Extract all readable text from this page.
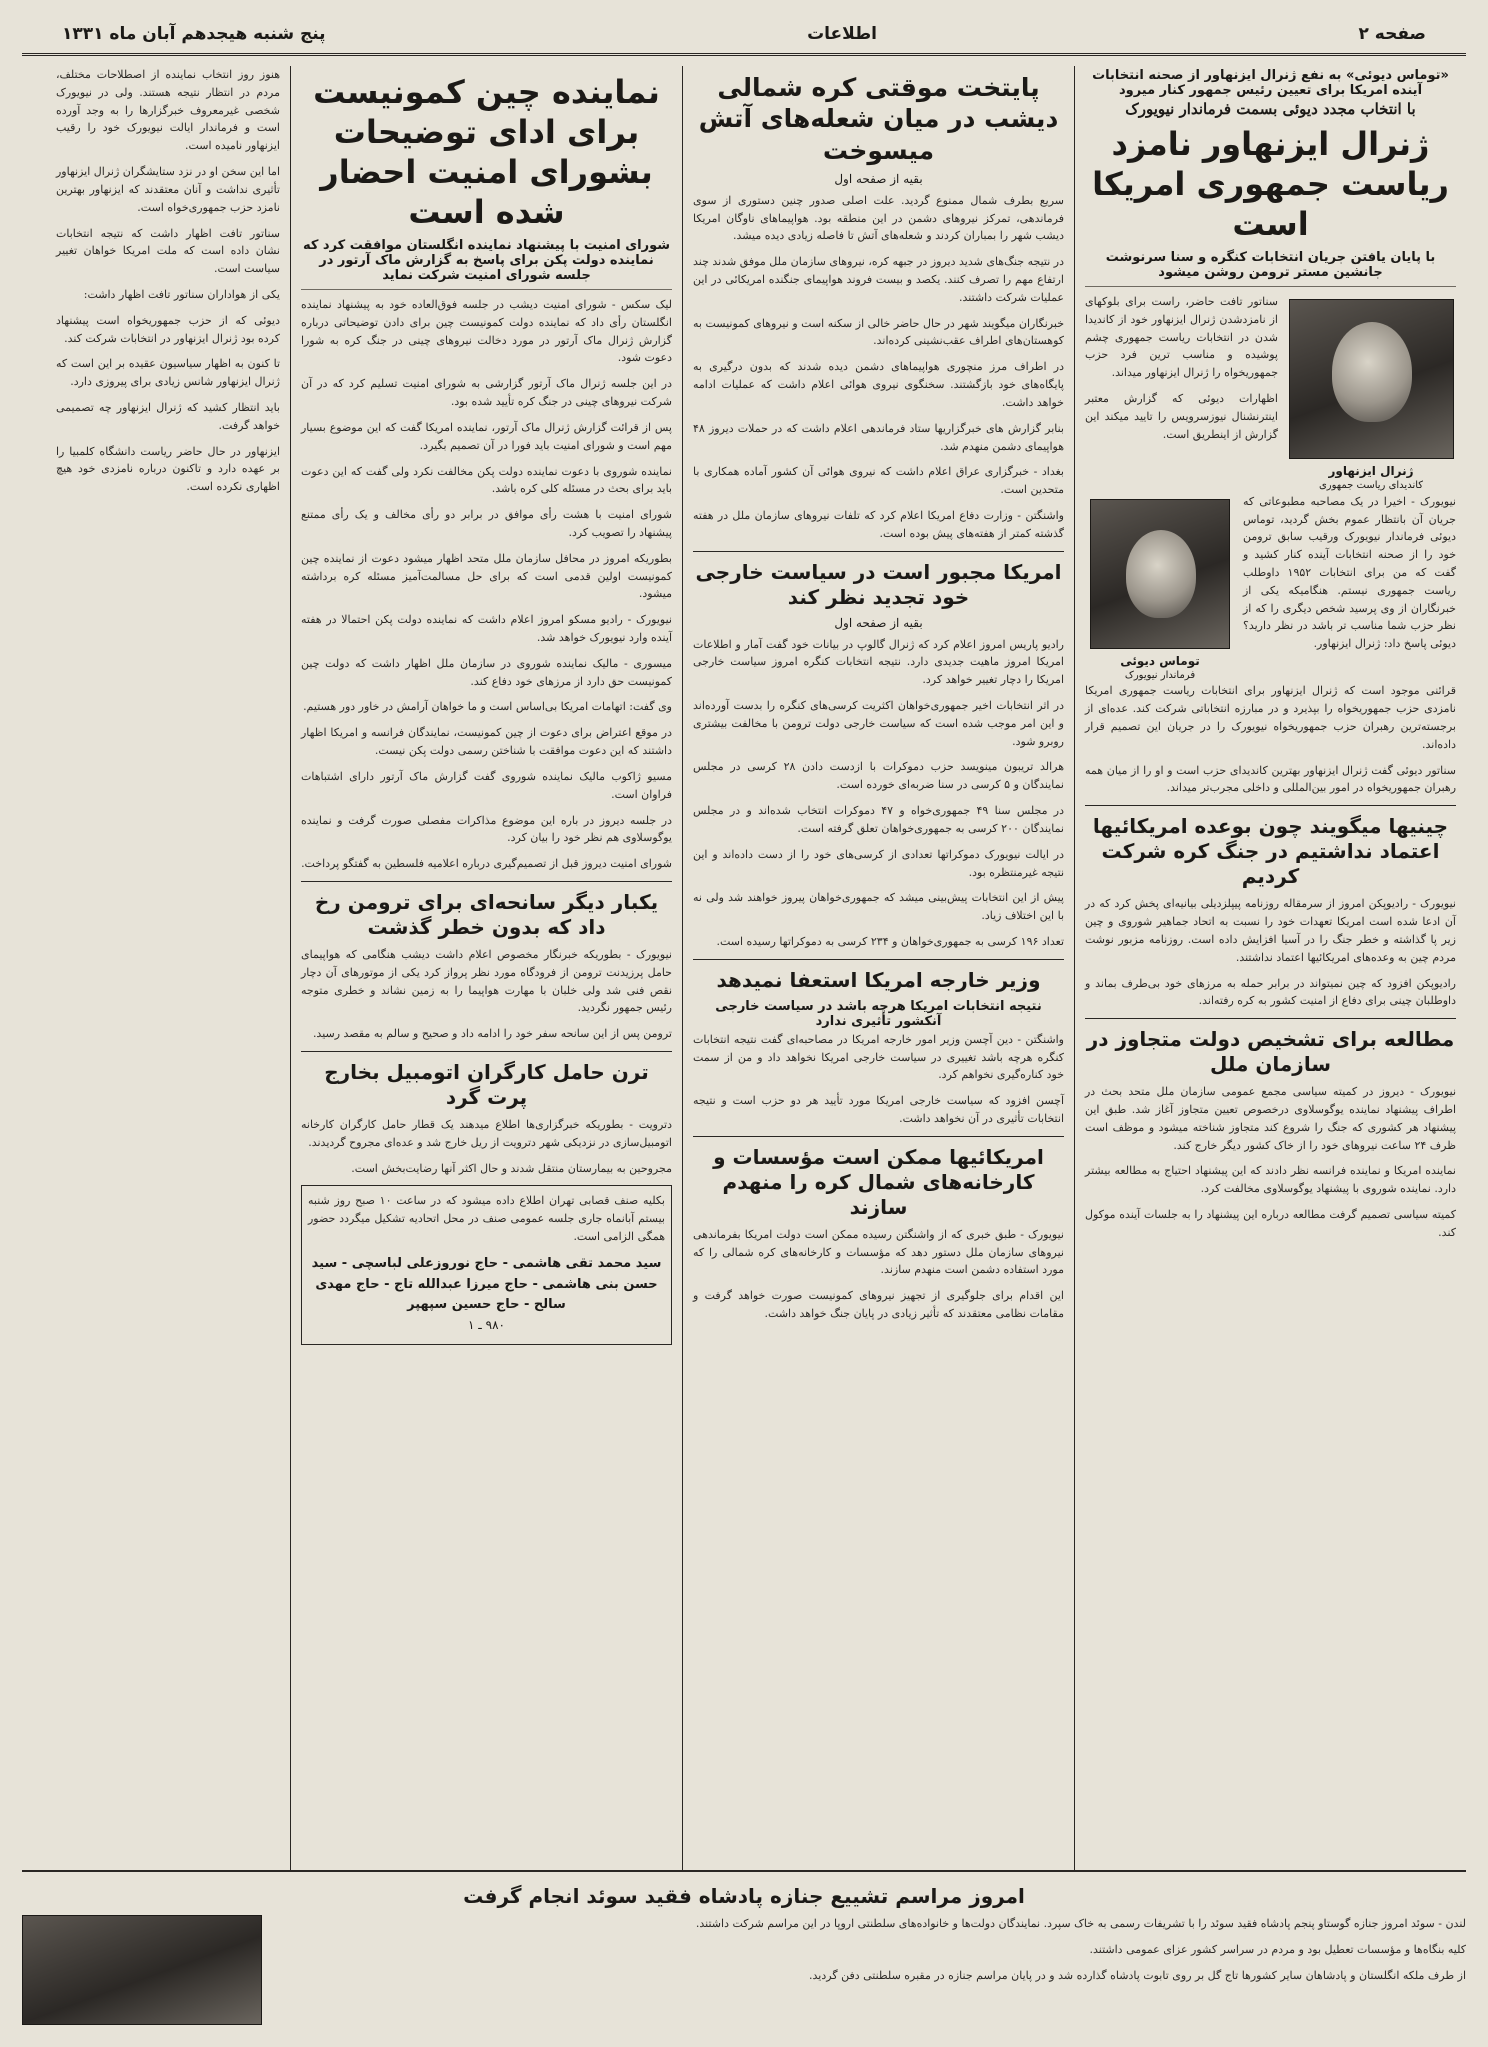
صفحه ۲
اطلاعات
پنج شنبه هیجدهم آبان ماه ۱۳۳۱
«توماس دیوئی» به نفع ژنرال ایزنهاور از صحنه انتخابات آینده امریکا برای تعیین رئیس جمهور کنار میرود
با انتخاب مجدد دیوئی بسمت فرماندار نیویورک
ژنرال ایزنهاور نامزد ریاست جمهوری امریکا است
با پایان یافتن جریان انتخابات کنگره و سنا سرنوشت جانشین مستر ترومن روشن میشود
ژنرال ایزنهاور
کاندیدای ریاست جمهوری

سناتور تافت حاضر، راست برای بلوکهای از نامزدشدن ژنرال ایزنهاور خود از کاندیدا شدن در انتخابات ریاست جمهوری چشم پوشیده و مناسب ترین فرد حزب جمهوریخواه را ژنرال ایزنهاور میداند.

اظهارات دیوئی که گزارش معتبر اینترنشنال نیوزسرویس را تایید میکند این گزارش از اینطریق است.

نیویورک - اخیرا در یک مصاحبه مطبوعاتی که جریان آن بانتظار عموم بخش گردید، توماس دیوئی فرماندار نیویورک ورقیب سابق ترومن خود را از صحنه انتخابات آینده کنار کشید و گفت که من برای انتخابات ۱۹۵۲ داوطلب ریاست جمهوری نیستم. هنگامیکه یکی از خبرنگاران از وی پرسید شخص دیگری را که از نظر حزب شما مناسب تر باشد در نظر دارید؟ دیوئی پاسخ داد: ژنرال ایزنهاور.

توماس دیوئی
فرماندار نیویورک

قرائنی موجود است که ژنرال ایزنهاور برای انتخابات ریاست جمهوری امریکا نامزدی حزب جمهوریخواه را بپذیرد و در مبارزه انتخاباتی شرکت کند. عده‌ای از برجسته‌ترین رهبران حزب جمهوریخواه نیویورک را در جریان این تصمیم قرار داده‌اند.

سناتور دیوئی گفت ژنرال ایزنهاور بهترین کاندیدای حزب است و او را از میان همه رهبران جمهوریخواه در امور بین‌المللی و داخلی مجرب‌تر میداند.

چینیها میگویند چون بوعده امریکائیها اعتماد نداشتیم در جنگ کره شرکت کردیم

نیویورک - رادیوپکن امروز از سرمقاله روزنامه پیپلزدیلی بیانیه‌ای پخش کرد که در آن ادعا شده است امریکا تعهدات خود را نسبت به اتحاد جماهیر شوروی و چین زیر پا گذاشته و خطر جنگ را در آسیا افزایش داده است. روزنامه مزبور نوشت مردم چین به وعده‌های امریکائیها اعتماد نداشتند.

رادیوپکن افزود که چین نمیتواند در برابر حمله به مرزهای خود بی‌طرف بماند و داوطلبان چینی برای دفاع از امنیت کشور به کره رفته‌اند.

مطالعه برای تشخیص دولت متجاوز در سازمان ملل

نیویورک - دیروز در کمیته سیاسی مجمع عمومی سازمان ملل متحد بحث در اطراف پیشنهاد نماینده یوگوسلاوی درخصوص تعیین متجاوز آغاز شد. طبق این پیشنهاد هر کشوری که جنگ را شروع کند متجاوز شناخته میشود و موظف است ظرف ۲۴ ساعت نیروهای خود را از خاک کشور دیگر خارج کند.

نماینده امریکا و نماینده فرانسه نظر دادند که این پیشنهاد احتیاج به مطالعه بیشتر دارد. نماینده شوروی با پیشنهاد یوگوسلاوی مخالفت کرد.

کمیته سیاسی تصمیم گرفت مطالعه درباره این پیشنهاد را به جلسات آینده موکول کند.

پایتخت موقتی کره شمالی دیشب در میان شعله‌های آتش میسوخت
بقیه از صفحه اول

سریع بطرف شمال ممنوع گردید. علت اصلی صدور چنین دستوری از سوی فرماندهی، تمرکز نیروهای دشمن در این منطقه بود. هواپیماهای ناوگان امریکا دیشب شهر را بمباران کردند و شعله‌های آتش تا فاصله زیادی دیده میشد.

در نتیجه جنگ‌های شدید دیروز در جبهه کره، نیروهای سازمان ملل موفق شدند چند ارتفاع مهم را تصرف کنند. یکصد و بیست فروند هواپیمای جنگنده امریکائی در این عملیات شرکت داشتند.

خبرنگاران میگویند شهر در حال حاضر خالی از سکنه است و نیروهای کمونیست به کوهستان‌های اطراف عقب‌نشینی کرده‌اند.

در اطراف مرز منچوری هواپیماهای دشمن دیده شدند که بدون درگیری به پایگاه‌های خود بازگشتند. سخنگوی نیروی هوائی اعلام داشت که عملیات ادامه خواهد داشت.

بنابر گزارش های خبرگزاریها ستاد فرماندهی اعلام داشت که در حملات دیروز ۴۸ هواپیمای دشمن منهدم شد.

بغداد - خبرگزاری عراق اعلام داشت که نیروی هوائی آن کشور آماده همکاری با متحدین است.

واشنگتن - وزارت دفاع امریکا اعلام کرد که تلفات نیروهای سازمان ملل در هفته گذشته کمتر از هفته‌های پیش بوده است.

امریکا مجبور است در سیاست خارجی خود تجدید نظر کند
بقیه از صفحه اول

رادیو پاریس امروز اعلام کرد که ژنرال گالوپ در بیانات خود گفت آمار و اطلاعات امریکا امروز ماهیت جدیدی دارد. نتیجه انتخابات کنگره امروز سیاست خارجی امریکا را دچار تغییر خواهد کرد.

در اثر انتخابات اخیر جمهوری‌خواهان اکثریت کرسی‌های کنگره را بدست آورده‌اند و این امر موجب شده است که سیاست خارجی دولت ترومن با مخالفت بیشتری روبرو شود.

هرالد تریبون مینویسد حزب دموکرات با ازدست دادن ۲۸ کرسی در مجلس نمایندگان و ۵ کرسی در سنا ضربه‌ای خورده است.

در مجلس سنا ۴۹ جمهوری‌خواه و ۴۷ دموکرات انتخاب شده‌اند و در مجلس نمایندگان ۲۰۰ کرسی به جمهوری‌خواهان تعلق گرفته است.

در ایالت نیویورک دموکراتها تعدادی از کرسی‌های خود را از دست داده‌اند و این نتیجه غیرمنتظره بود.

پیش از این انتخابات پیش‌بینی میشد که جمهوری‌خواهان پیروز خواهند شد ولی نه با این اختلاف زیاد.

تعداد ۱۹۶ کرسی به جمهوری‌خواهان و ۲۳۴ کرسی به دموکراتها رسیده است.

وزیر خارجه امریکا استعفا نمیدهد
نتیجه انتخابات امریکا هرچه باشد در سیاست خارجی آنکشور تأثیری ندارد

واشنگتن - دین آچسن وزیر امور خارجه امریکا در مصاحبه‌ای گفت نتیجه انتخابات کنگره هرچه باشد تغییری در سیاست خارجی امریکا نخواهد داد و من از سمت خود کناره‌گیری نخواهم کرد.

آچسن افزود که سیاست خارجی امریکا مورد تأیید هر دو حزب است و نتیجه انتخابات تأثیری در آن نخواهد داشت.

امریکائیها ممکن است مؤسسات و کارخانه‌های شمال کره را منهدم سازند

نیویورک - طبق خبری که از واشنگتن رسیده ممکن است دولت امریکا بفرماندهی نیروهای سازمان ملل دستور دهد که مؤسسات و کارخانه‌های کره شمالی را که مورد استفاده دشمن است منهدم سازند.

این اقدام برای جلوگیری از تجهیز نیروهای کمونیست صورت خواهد گرفت و مقامات نظامی معتقدند که تأثیر زیادی در پایان جنگ خواهد داشت.

نماینده چین کمونیست برای ادای توضیحات بشورای امنیت احضار شده است
شورای امنیت با پیشنهاد نماینده انگلستان موافقت کرد که نماینده دولت پکن برای پاسخ به گزارش ماک آرتور در جلسه شورای امنیت شرکت نماید

لیک سکس - شورای امنیت دیشب در جلسه فوق‌العاده خود به پیشنهاد نماینده انگلستان رأی داد که نماینده دولت کمونیست چین برای دادن توضیحاتی درباره گزارش ژنرال ماک آرتور در مورد دخالت نیروهای چینی در جنگ کره به شورا دعوت شود.

در این جلسه ژنرال ماک آرتور گزارشی به شورای امنیت تسلیم کرد که در آن شرکت نیروهای چینی در جنگ کره تأیید شده بود.

پس از قرائت گزارش ژنرال ماک آرتور، نماینده امریکا گفت که این موضوع بسیار مهم است و شورای امنیت باید فورا در آن تصمیم بگیرد.

نماینده شوروی با دعوت نماینده دولت پکن مخالفت نکرد ولی گفت که این دعوت باید برای بحث در مسئله کلی کره باشد.

شورای امنیت با هشت رأی موافق در برابر دو رأی مخالف و یک رأی ممتنع پیشنهاد را تصویب کرد.

بطوریکه امروز در محافل سازمان ملل متحد اظهار میشود دعوت از نماینده چین کمونیست اولین قدمی است که برای حل مسالمت‌آمیز مسئله کره برداشته میشود.

نیویورک - رادیو مسکو امروز اعلام داشت که نماینده دولت پکن احتمالا در هفته آینده وارد نیویورک خواهد شد.

میسوری - مالیک نماینده شوروی در سازمان ملل اظهار داشت که دولت چین کمونیست حق دارد از مرزهای خود دفاع کند.

وی گفت: اتهامات امریکا بی‌اساس است و ما خواهان آرامش در خاور دور هستیم.

در موقع اعتراض برای دعوت از چین کمونیست، نمایندگان فرانسه و امریکا اظهار داشتند که این دعوت موافقت با شناختن رسمی دولت پکن نیست.

مسیو ژاکوب مالیک نماینده شوروی گفت گزارش ماک آرتور دارای اشتباهات فراوان است.

در جلسه دیروز در باره این موضوع مذاکرات مفصلی صورت گرفت و نماینده یوگوسلاوی هم نظر خود را بیان کرد.

شورای امنیت دیروز قبل از تصمیم‌گیری درباره اعلامیه فلسطین به گفتگو پرداخت.

یکبار دیگر سانحه‌ای برای ترومن رخ داد که بدون خطر گذشت

نیویورک - بطوریکه خبرنگار مخصوص اعلام داشت دیشب هنگامی که هواپیمای حامل پرزیدنت ترومن از فرودگاه مورد نظر پرواز کرد یکی از موتورهای آن دچار نقص فنی شد ولی خلبان با مهارت هواپیما را به زمین نشاند و خطری متوجه رئیس جمهور نگردید.

ترومن پس از این سانحه سفر خود را ادامه داد و صحیح و سالم به مقصد رسید.

ترن حامل کارگران اتومبیل بخارج پرت گرد

دترویت - بطوریکه خبرگزاری‌ها اطلاع میدهند یک قطار حامل کارگران کارخانه اتومبیل‌سازی در نزدیکی شهر دترویت از ریل خارج شد و عده‌ای مجروح گردیدند.

مجروحین به بیمارستان منتقل شدند و حال اکثر آنها رضایت‌بخش است.

بکلیه صنف قصابی تهران اطلاع داده میشود که در ساعت ۱۰ صبح روز شنبه بیستم آبانماه جاری جلسه عمومی صنف در محل اتحادیه تشکیل میگردد حضور همگی الزامی است.

سید محمد تقی هاشمی - حاج نوروزعلی لباسچی - سید حسن بنی هاشمی - حاج میرزا عبدالله تاج - حاج مهدی سالح - حاج حسین سپهپر
۹۸۰ ـ ۱

هنوز روز انتخاب نماینده از اصطلاحات مختلف، مردم در انتظار نتیجه هستند. ولی در نیویورک شخصی غیرمعروف خبرگزارها را به وجد آورده است و فرماندار ایالت نیویورک خود را رقیب ایزنهاور نامیده است.

اما این سخن او در نزد ستایشگران ژنرال ایزنهاور تأثیری نداشت و آنان معتقدند که ایزنهاور بهترین نامزد حزب جمهوری‌خواه است.

سناتور تافت اظهار داشت که نتیجه انتخابات نشان داده است که ملت امریکا خواهان تغییر سیاست است.

یکی از هواداران سناتور تافت اظهار داشت:

دیوئی که از حزب جمهوریخواه است پیشنهاد کرده بود ژنرال ایزنهاور در انتخابات شرکت کند.

تا کنون به اظهار سیاسیون عقیده بر این است که ژنرال ایزنهاور شانس زیادی برای پیروزی دارد.

باید انتظار کشید که ژنرال ایزنهاور چه تصمیمی خواهد گرفت.

ایزنهاور در حال حاضر ریاست دانشگاه کلمبیا را بر عهده دارد و تاکنون درباره نامزدی خود هیچ اظهاری نکرده است.

امروز مراسم تشییع جنازه پادشاه فقید سوئد انجام گرفت

لندن - سوئد امروز جنازه گوستاو پنجم پادشاه فقید سوئد را با تشریفات رسمی به خاک سپرد. نمایندگان دولت‌ها و خانواده‌های سلطنتی اروپا در این مراسم شرکت داشتند.

کلیه بنگاه‌ها و مؤسسات تعطیل بود و مردم در سراسر کشور عزای عمومی داشتند.

از طرف ملکه انگلستان و پادشاهان سایر کشورها تاج گل بر روی تابوت پادشاه گذارده شد و در پایان مراسم جنازه در مقبره سلطنتی دفن گردید.
